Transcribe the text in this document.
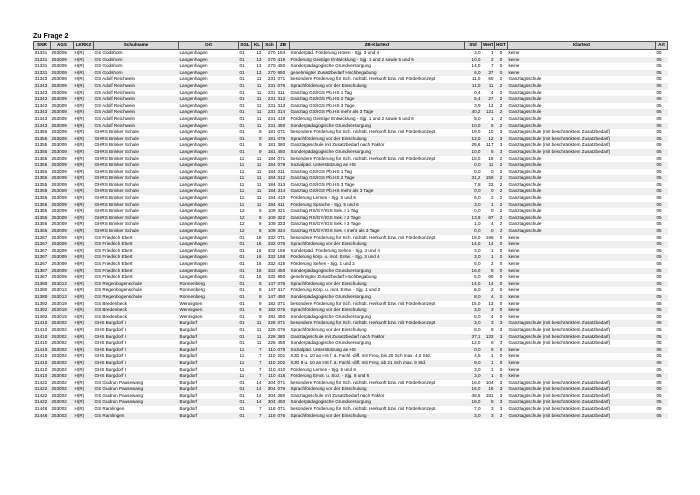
Zu Frage 2
SNR	AGS	LKRKZ	Schulname	Ort	SGL	KL	Sch	ZB	ZB-Klartext	Std	Wert	HGT	Klartext	Art
31331	253009	H(R)	GS Godshorn	Langenhagen	01	13	270	154	Sonderpäd. Förderung Hören - Sjg. 3 und 4	3,0	1	0	keine	05
31331	253009	H(R)	GS Godshorn	Langenhagen	01	13	270	419	Förderung Geistige Entwicklung - Sjg. 1 und 2 sowie 5 und 6	10,0	2	0	keine	05
31331	253009	H(R)	GS Godshorn	Langenhagen	01	13	270	450	Sonderpädagogische Grundversorgung	14,0	7	0	keine	05
31331	253009	H(R)	GS Godshorn	Langenhagen	01	13	270	950	genehmigter Zusatzbedarf Hochbegabung	6,0	37	0	keine	05
31343	253009	H(R)	GS Adolf Reichwein	Langenhagen	01	11	231	071	besondere Förderung für Sch. nichtdt. Herkunft bzw. mit Förderkonzept	11,0	60	2	Ganztagsschule	05
31343	253009	H(R)	GS Adolf Reichwein	Langenhagen	01	11	231	076	Sprachförderung vor der Einschulung	11,0	11	2	Ganztagsschule	05
31343	253009	H(R)	GS Adolf Reichwein	Langenhagen	01	11	231	311	Ganztag GS/IGS Pb.HS 1 Tag	0,4	4	2	Ganztagsschule	05
31343	253009	H(R)	GS Adolf Reichwein	Langenhagen	01	11	231	312	Ganztag GS/IGS Pb.HS 2 Tage	5,4	27	2	Ganztagsschule	05
31343	253009	H(R)	GS Adolf Reichwein	Langenhagen	01	11	231	313	Ganztag GS/IGS Pb.HS 3 Tage	3,9	13	2	Ganztagsschule	05
31343	253009	H(R)	GS Adolf Reichwein	Langenhagen	01	11	231	314	Ganztag GS/IGS Pb.HS mehr als 3 Tage	40,2	121	2	Ganztagsschule	05
31343	253009	H(R)	GS Adolf Reichwein	Langenhagen	01	11	231	419	Förderung Geistige Entwicklung - Sjg. 1 und 2 sowie 5 und 6	5,0	1	2	Ganztagsschule	05
31343	253009	H(R)	GS Adolf Reichwein	Langenhagen	01	11	231	450	Sonderpädagogische Grundversorgung	10,0	5	2	Ganztagsschule	05
31355	253009	H(R)	GHRS Brinker Schule	Langenhagen	01	9	181	071	besondere Förderung für Sch. nichtdt. Herkunft bzw. mit Förderkonzept	19,0	10	3	Ganztagsschule (mit beschränktem Zusatzbedarf)	05
31355	253009	H(R)	GHRS Brinker Schule	Langenhagen	01	9	181	076	Sprachförderung vor der Einschulung	12,0	12	3	Ganztagsschule (mit beschränktem Zusatzbedarf)	05
31355	253009	H(R)	GHRS Brinker Schule	Langenhagen	01	9	181	380	Ganztagsschule mit Zusatzbedarf nach Faktor	25,6	117	3	Ganztagsschule (mit beschränktem Zusatzbedarf)	05
31355	253009	H(R)	GHRS Brinker Schule	Langenhagen	01	9	181	450	Sonderpädagogische Grundversorgung	10,0	5	3	Ganztagsschule (mit beschränktem Zusatzbedarf)	05
31355	253009	H(R)	GHRS Brinker Schule	Langenhagen	11	11	184	071	besondere Förderung für Sch. nichtdt. Herkunft bzw. mit Förderkonzept	15,0	18	2	Ganztagsschule	05
31355	253009	H(R)	GHRS Brinker Schule	Langenhagen	11	11	184	079	Sozialpäd. Unterstützung an HS	0,0	11	2	Ganztagsschule	05
31355	253009	H(R)	GHRS Brinker Schule	Langenhagen	11	11	184	311	Ganztag GS/IGS Pb.HS 1 Tag	0,0	0	2	Ganztagsschule	05
31355	253009	H(R)	GHRS Brinker Schule	Langenhagen	11	11	184	312	Ganztag GS/IGS Pb.HS 2 Tage	31,2	156	2	Ganztagsschule	05
31355	253009	H(R)	GHRS Brinker Schule	Langenhagen	11	11	184	313	Ganztag GS/IGS Pb.HS 3 Tage	7,8	23	2	Ganztagsschule	05
31355	253009	H(R)	GHRS Brinker Schule	Langenhagen	11	11	184	314	Ganztag GS/IGS Pb.HS mehr als 3 Tage	0,0	0	2	Ganztagsschule	05
31355	253009	H(R)	GHRS Brinker Schule	Langenhagen	11	11	184	410	Förderung Lernen - Sjg. 5 und 6	6,0	2	2	Ganztagsschule	05
31355	253009	H(R)	GHRS Brinker Schule	Langenhagen	11	11	184	411	Förderung Sprache - Sjg. 5 und 6	3,0	1	2	Ganztagsschule	05
31355	253009	H(R)	GHRS Brinker Schule	Langenhagen	12	6	109	321	Ganztag RS/GY/IGS Sek. I 1 Tag	0,0	0	2	Ganztagsschule	05
31355	253009	H(R)	GHRS Brinker Schule	Langenhagen	12	6	109	322	Ganztag RS/GY/IGS Sek. I 2 Tage	13,9	87	2	Ganztagsschule	05
31355	253009	H(R)	GHRS Brinker Schule	Langenhagen	12	6	109	323	Ganztag RS/GY/IGS Sek. I 3 Tage	1,0	4	2	Ganztagsschule	05
31355	253009	H(R)	GHRS Brinker Schule	Langenhagen	12	6	109	324	Ganztag RS/GY/IGS Sek. I mehr als 3 Tage	0,0	0	2	Ganztagsschule	05
31367	253009	H(R)	GS Friedrich Ebert	Langenhagen	01	16	332	071	besondere Förderung für Sch. nichtdt. Herkunft bzw. mit Förderkonzept	19,0	196	0	keine	05
31367	253009	H(R)	GS Friedrich Ebert	Langenhagen	01	16	332	076	Sprachförderung vor der Einschulung	14,0	14	0	keine	05
31367	253009	H(R)	GS Friedrich Ebert	Langenhagen	01	16	332	156	Sonderpäd. Förderung Sehen - Sjg. 3 und 4	3,0	1	0	keine	05
31367	253009	H(R)	GS Friedrich Ebert	Langenhagen	01	16	332	158	Förderung körp. u. mot. Entw. - Sjg. 3 und 4	3,0	1	0	keine	05
31367	253009	H(R)	GS Friedrich Ebert	Langenhagen	01	16	332	415	Förderung Sehen - Sjg. 1 und 2	6,0	2	0	keine	05
31367	253009	H(R)	GS Friedrich Ebert	Langenhagen	01	16	332	450	Sonderpädagogische Grundversorgung	16,0	8	0	keine	05
31367	253009	H(R)	GS Friedrich Ebert	Langenhagen	01	16	332	950	genehmigter Zusatzbedarf Hochbegabung	5,0	60	0	keine	05
31380	253013	H(R)	GS Regenbogenschule	Ronnenberg	01	8	147	076	Sprachförderung vor der Einschulung	14,0	14	0	keine	05
31380	253013	H(R)	GS Regenbogenschule	Ronnenberg	01	8	147	417	Förderung Körp. u. mot. Entw. - Sjg. 1 und 2	6,0	2	0	keine	05
31380	253013	H(R)	GS Regenbogenschule	Ronnenberg	01	8	147	450	Sonderpädagogische Grundversorgung	8,0	4	0	keine	05
31392	253019	H(R)	GS Bredenbeck	Wennigsen	01	9	182	071	besondere Förderung für Sch. nichtdt. Herkunft bzw. mit Förderkonzept	15,0	13	0	keine	05
31392	253019	H(R)	GS Bredenbeck	Wennigsen	01	9	182	076	Sprachförderung vor der Einschulung	3,0	3	0	keine	05
31392	253019	H(R)	GS Bredenbeck	Wennigsen	01	9	182	450	Sonderpädagogische Grundversorgung	8,0	4	0	keine	05
31410	253002	H(R)	GHS Burgdorf I	Burgdorf	01	11	226	071	besondere Förderung für Sch. nichtdt. Herkunft bzw. mit Förderkonzept	3,0	3	3	Ganztagsschule (mit beschränktem Zusatzbedarf)	05
31410	253002	H(R)	GHS Burgdorf I	Burgdorf	01	11	226	076	Sprachförderung vor der Einschulung	8,0	8	3	Ganztagsschule (mit beschränktem Zusatzbedarf)	05
31410	253002	H(R)	GHS Burgdorf I	Burgdorf	01	11	226	380	Ganztagsschule mit Zusatzbedarf nach Faktor	37,1	132	3	Ganztagsschule (mit beschränktem Zusatzbedarf)	05
31410	253002	H(R)	GHS Burgdorf I	Burgdorf	01	11	226	450	Sonderpädagogische Grundversorgung	12,0	6	3	Ganztagsschule (mit beschränktem Zusatzbedarf)	05
31410	253002	H(R)	GHS Burgdorf I	Burgdorf	11	7	110	079	Sozialpäd. Unterstützung an HS	0,0	6	0	keine	05
31410	253002	H(R)	GHS Burgdorf I	Burgdorf	11	7	110	201	SJG 9 u. 10 an HS f. ä. Fachl.-diff. mit Freq. bis 20 Sch max. 4,5 Std.	4,5	1	0	keine	05
31410	253002	H(R)	GHS Burgdorf I	Burgdorf	11	7	110	202	SJG 9 u. 10 an HS f. ä. Fachl.-diff. mit Freq. ab 21 Sch max. 9 Std.	9,0	1	0	keine	05
31410	253002	H(R)	GHS Burgdorf I	Burgdorf	11	7	110	410	Förderung Lernen - Sjg. 5 und 6	3,0	1	0	keine	05
31410	253002	H(R)	GHS Burgdorf I	Burgdorf	11	7	110	418	Förderung Emot. u. Soz. - Sjg. 5 und 6	3,0	1	0	keine	05
31422	253002	H(R)	GS Gudrun Pausewang	Burgdorf	01	14	304	071	besondere Förderung für Sch. nichtdt. Herkunft bzw. mit Förderkonzept	16,0	104	3	Ganztagsschule (mit beschränktem Zusatzbedarf)	05
31422	253002	H(R)	GS Gudrun Pausewang	Burgdorf	01	14	304	076	Sprachförderung vor der Einschulung	16,0	16	3	Ganztagsschule (mit beschränktem Zusatzbedarf)	05
31422	253002	H(R)	GS Gudrun Pausewang	Burgdorf	01	14	304	380	Ganztagsschule mit Zusatzbedarf nach Faktor	48,5	181	3	Ganztagsschule (mit beschränktem Zusatzbedarf)	05
31422	253002	H(R)	GS Gudrun Pausewang	Burgdorf	01	14	304	450	Sonderpädagogische Grundversorgung	16,0	8	3	Ganztagsschule (mit beschränktem Zusatzbedarf)	05
31446	253002	H(R)	GS Ramlingen	Burgdorf	01	7	118	071	besondere Förderung für Sch. nichtdt. Herkunft bzw. mit Förderkonzept	7,0	3	3	Ganztagsschule (mit beschränktem Zusatzbedarf)	05
31446	253002	H(R)	GS Ramlingen	Burgdorf	01	7	118	076	Sprachförderung vor der Einschulung	3,0	3	3	Ganztagsschule (mit beschränktem Zusatzbedarf)	05
